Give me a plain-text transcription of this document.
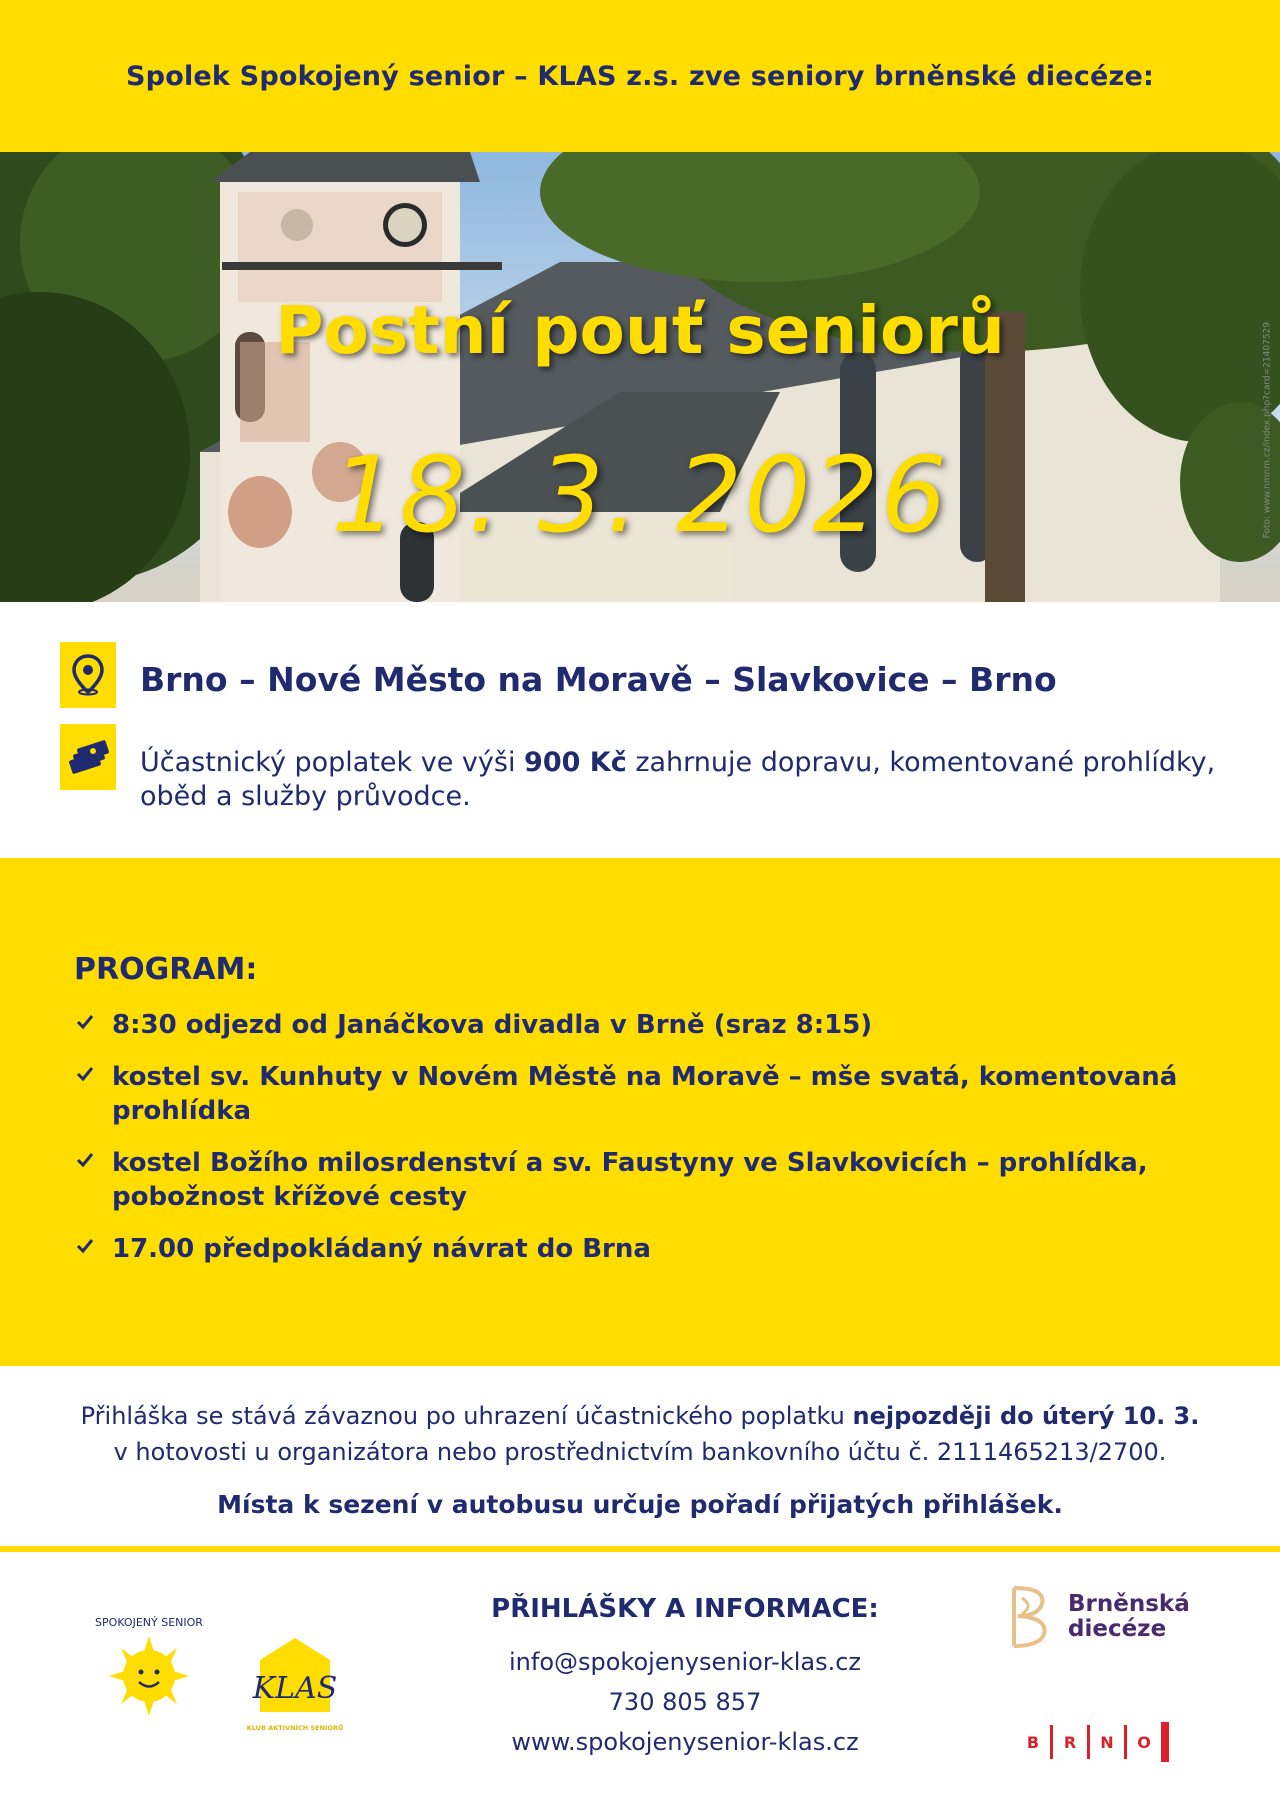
Spolek Spokojený senior – KLAS z.s. zve seniory brněnské diecéze:
Postní pouť seniorů
18. 3. 2026	Foto: www.nmnm.cz/index.php?card=21407529
Brno – Nové Město na Moravě – Slavkovice – Brno
Účastnický poplatek ve výši 900 Kč zahrnuje dopravu, komentované prohlídky, oběd a služby průvodce.
PROGRAM:
8:30 odjezd od Janáčkova divadla v Brně (sraz 8:15)
kostel sv. Kunhuty v Novém Městě na Moravě – mše svatá, komentovaná prohlídka
kostel Božího milosrdenství a sv. Faustyny ve Slavkovicích – prohlídka, pobožnost křížové cesty
17.00 předpokládaný návrat do Brna

Přihláška se stává závaznou po uhrazení účastnického poplatku nejpozději do úterý 10. 3.

v hotovosti u organizátora nebo prostřednictvím bankovního účtu č. 2111465213/2700.

Místa k sezení v autobusu určuje pořadí přijatých přihlášek.

SPOKOJENÝ SENIOR
KLAS
KLUB AKTIVNÍCH SENIORŮ
PŘIHLÁŠKY A INFORMACE:
info@spokojenysenior-klas.cz
730 805 857
www.spokojenysenior-klas.cz
Brněnská
diecéze
B	R	N	O
